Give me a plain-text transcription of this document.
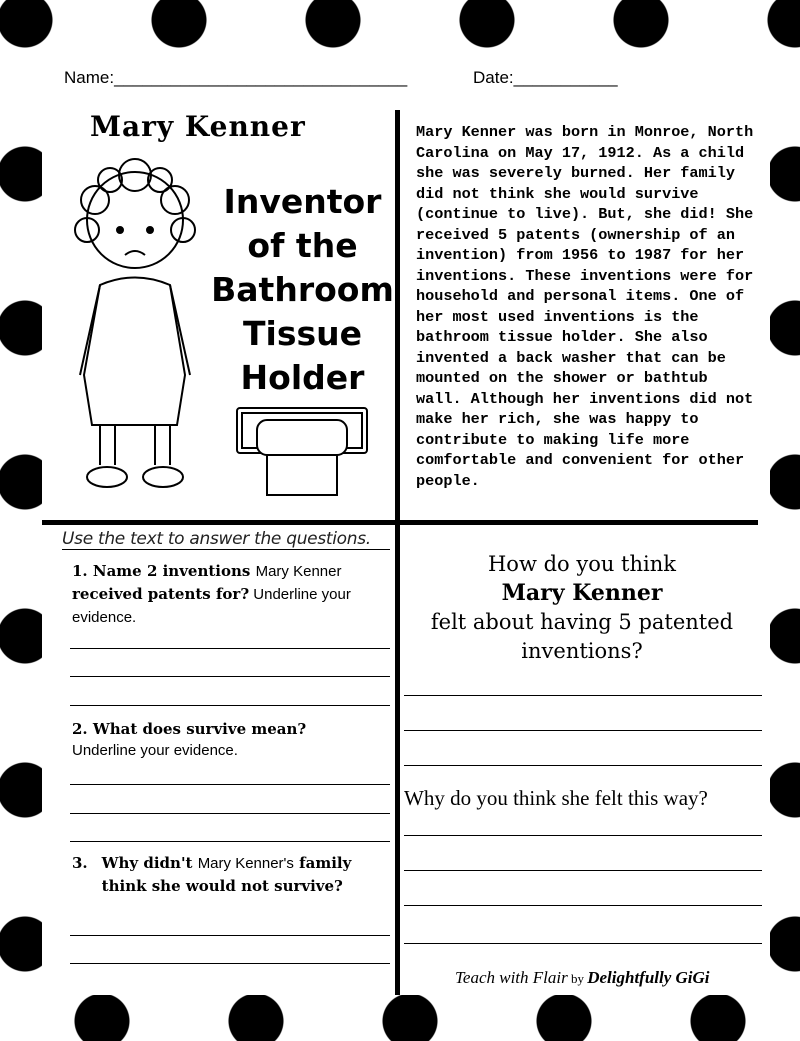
Name:_______________________________	Date:___________
Mary Kenner
Inventor
of the
Bathroom
Tissue
Holder
Mary Kenner was born in Monroe, North Carolina on May 17, 1912. As a child she was severely burned. Her family did not think she would survive (continue to live). But, she did! She received 5 patents (ownership of an invention) from 1956 to 1987 for her inventions. These inventions were for household and personal items. One of her most used inventions is the bathroom tissue holder. She also invented a back washer that can be mounted on the shower or bathtub wall. Although her inventions did not make her rich, she was happy to contribute to making life more comfortable and convenient for other people.
Use the text to answer the questions.
1. Name 2 inventions Mary Kenner received patents for? Underline your evidence.
2. What does survive mean?
Underline your evidence.
3. Why didn't Mary Kenner's family think she would not survive?
How do you think
Mary Kenner
felt about having 5 patented inventions?
Why do you think she felt this way?
Teach with Flair by Delightfully GiGi
